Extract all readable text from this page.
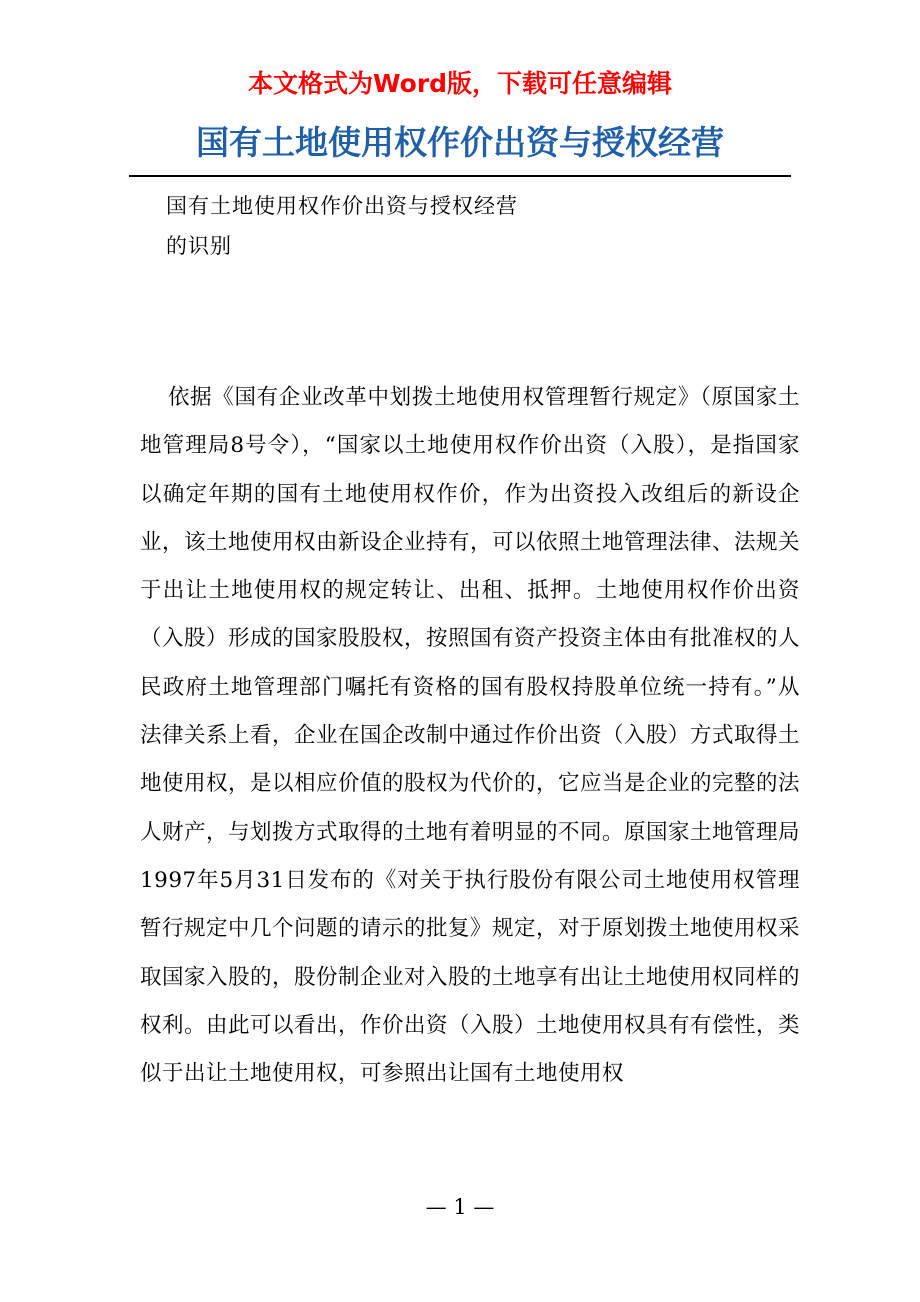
本文格式为Word版，下载可任意编辑
国有土地使用权作价出资与授权经营
国有土地使用权作价出资与授权经营
的识别
依据《国有企业改革中划拨土地使用权管理暂行规定》（原国家土地管理局8号令），“国家以土地使用权作价出资（入股），是指国家以确定年期的国有土地使用权作价，作为出资投入改组后的新设企业，该土地使用权由新设企业持有，可以依照土地管理法律、法规关于出让土地使用权的规定转让、出租、抵押。土地使用权作价出资（入股）形成的国家股股权，按照国有资产投资主体由有批准权的人民政府土地管理部门嘱托有资格的国有股权持股单位统一持有。”从法律关系上看，企业在国企改制中通过作价出资（入股）方式取得土地使用权，是以相应价值的股权为代价的，它应当是企业的完整的法人财产，与划拨方式取得的土地有着明显的不同。原国家土地管理局1997年5月31日发布的《对关于执行股份有限公司土地使用权管理暂行规定中几个问题的请示的批复》规定，对于原划拨土地使用权采取国家入股的，股份制企业对入股的土地享有出让土地使用权同样的权利。由此可以看出，作价出资（入股）土地使用权具有有偿性，类似于出让土地使用权，可参照出让国有土地使用权
— 1 —
